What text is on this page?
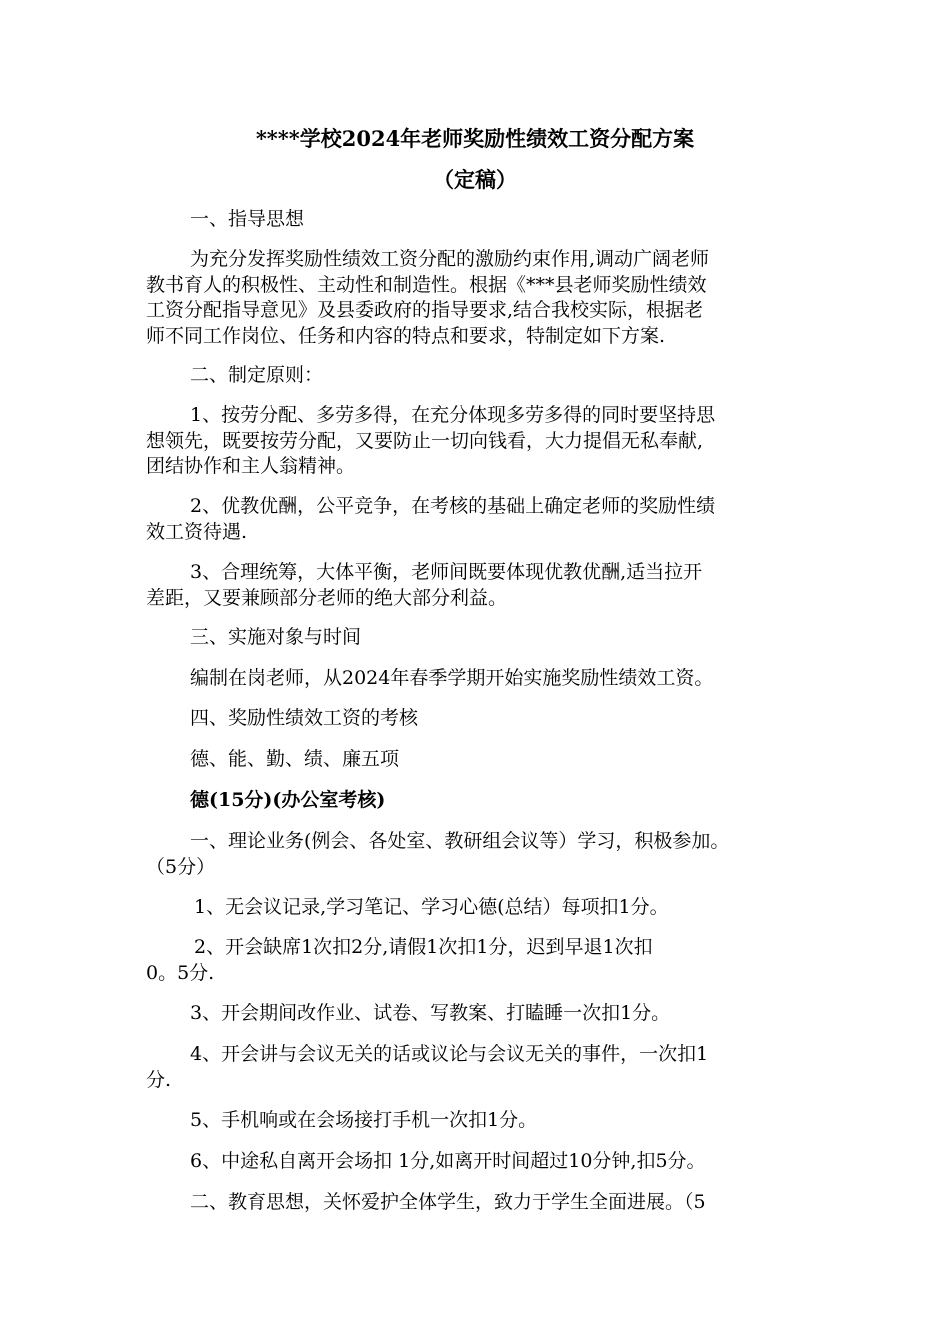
****学校2024年老师奖励性绩效工资分配方案
（定稿）
一、指导思想
为充分发挥奖励性绩效工资分配的激励约束作用,调动广阔老师
教书育人的积极性、主动性和制造性。根据《***县老师奖励性绩效
工资分配指导意见》及县委政府的指导要求,结合我校实际，根据老
师不同工作岗位、任务和内容的特点和要求，特制定如下方案.
二、制定原则：
1、按劳分配、多劳多得，在充分体现多劳多得的同时要坚持思
想领先，既要按劳分配，又要防止一切向钱看，大力提倡无私奉献,
团结协作和主人翁精神。
2、优教优酬，公平竞争，在考核的基础上确定老师的奖励性绩
效工资待遇.
3、合理统筹，大体平衡，老师间既要体现优教优酬,适当拉开
差距，又要兼顾部分老师的绝大部分利益。
三、实施对象与时间
编制在岗老师，从2024年春季学期开始实施奖励性绩效工资。
四、奖励性绩效工资的考核
德、能、勤、绩、廉五项
德(15分)(办公室考核)
一、理论业务(例会、各处室、教研组会议等）学习，积极参加。
（5分）
1、无会议记录,学习笔记、学习心德(总结）每项扣1分。
2、开会缺席1次扣2分,请假1次扣1分，迟到早退1次扣
0。5分.
3、开会期间改作业、试卷、写教案、打瞌睡一次扣1分。
4、开会讲与会议无关的话或议论与会议无关的事件，一次扣1
分.
5、手机响或在会场接打手机一次扣1分。
6、中途私自离开会场扣 1分,如离开时间超过10分钟,扣5分。
二、教育思想，关怀爱护全体学生，致力于学生全面进展。（5
